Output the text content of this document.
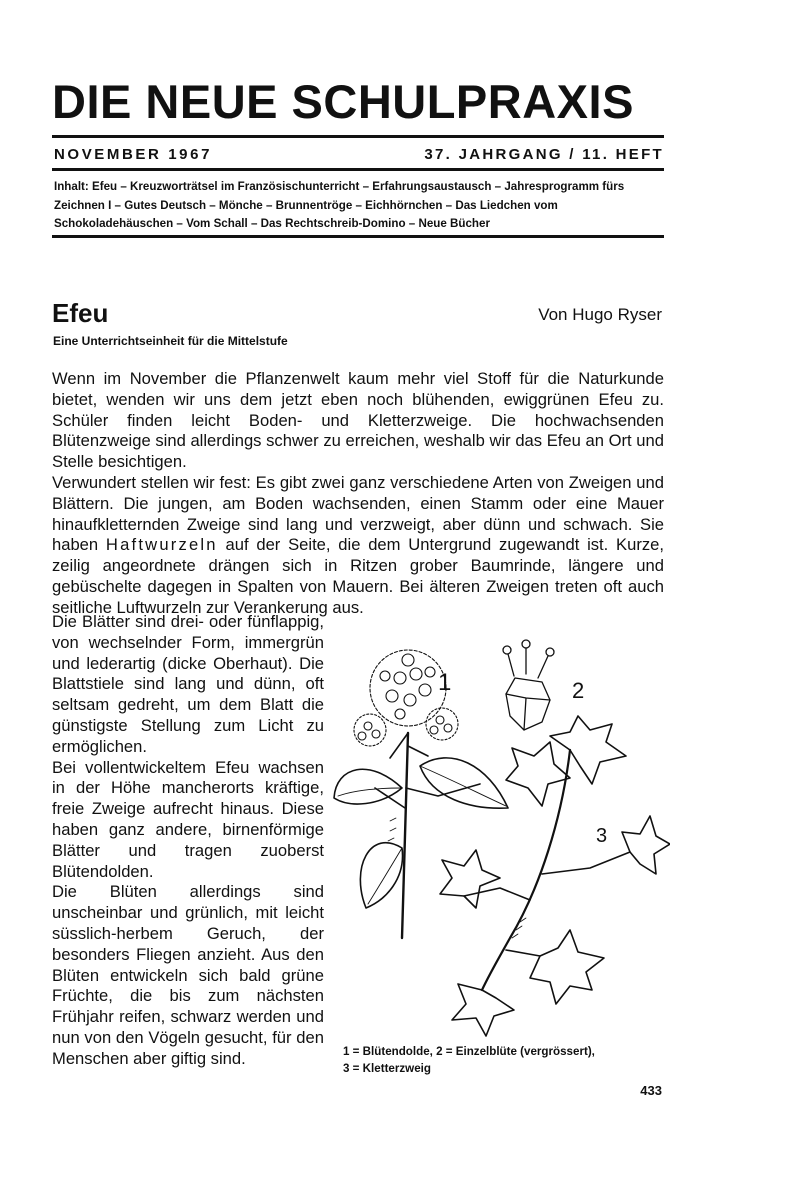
DIE NEUE SCHULPRAXIS
NOVEMBER 1967	37. JAHRGANG / 11. HEFT
Inhalt: Efeu – Kreuzworträtsel im Französischunterricht – Erfahrungsaustausch – Jahresprogramm fürs Zeichnen I – Gutes Deutsch – Mönche – Brunnentröge – Eichhörnchen – Das Liedchen vom Schokoladehäuschen – Vom Schall – Das Rechtschreib-Domino – Neue Bücher
Efeu	Von Hugo Ryser
Eine Unterrichtseinheit für die Mittelstufe

Wenn im November die Pflanzenwelt kaum mehr viel Stoff für die Naturkunde bietet, wenden wir uns dem jetzt eben noch blühenden, ewiggrünen Efeu zu. Schüler finden leicht Boden- und Kletterzweige. Die hochwachsenden Blütenzweige sind allerdings schwer zu erreichen, weshalb wir das Efeu an Ort und Stelle besichtigen.

Verwundert stellen wir fest: Es gibt zwei ganz verschiedene Arten von Zweigen und Blättern. Die jungen, am Boden wachsenden, einen Stamm oder eine Mauer hinaufkletternden Zweige sind lang und verzweigt, aber dünn und schwach. Sie haben Haftwurzeln auf der Seite, die dem Untergrund zugewandt ist. Kurze, zeilig angeordnete drängen sich in Ritzen grober Baumrinde, längere und gebüschelte dagegen in Spalten von Mauern. Bei älteren Zweigen treten oft auch seitliche Luftwurzeln zur Verankerung aus.

Die Blätter sind drei- oder fünflappig, von wechselnder Form, immergrün und lederartig (dicke Oberhaut). Die Blattstiele sind lang und dünn, oft seltsam gedreht, um dem Blatt die günstigste Stellung zum Licht zu ermöglichen.

Bei vollentwickeltem Efeu wachsen in der Höhe mancherorts kräftige, freie Zweige aufrecht hinaus. Diese haben ganz andere, birnenförmige Blätter und tragen zuoberst Blütendolden.

Die Blüten allerdings sind unscheinbar und grünlich, mit leicht süsslich-herbem Geruch, der besonders Fliegen anzieht. Aus den Blüten entwickeln sich bald grüne Früchte, die bis zum nächsten Frühjahr reifen, schwarz werden und nun von den Vögeln gesucht, für den Menschen aber giftig sind.

1	2
3
1 = Blütendolde, 2 = Einzelblüte (vergrössert),
3 = Kletterzweig
433
